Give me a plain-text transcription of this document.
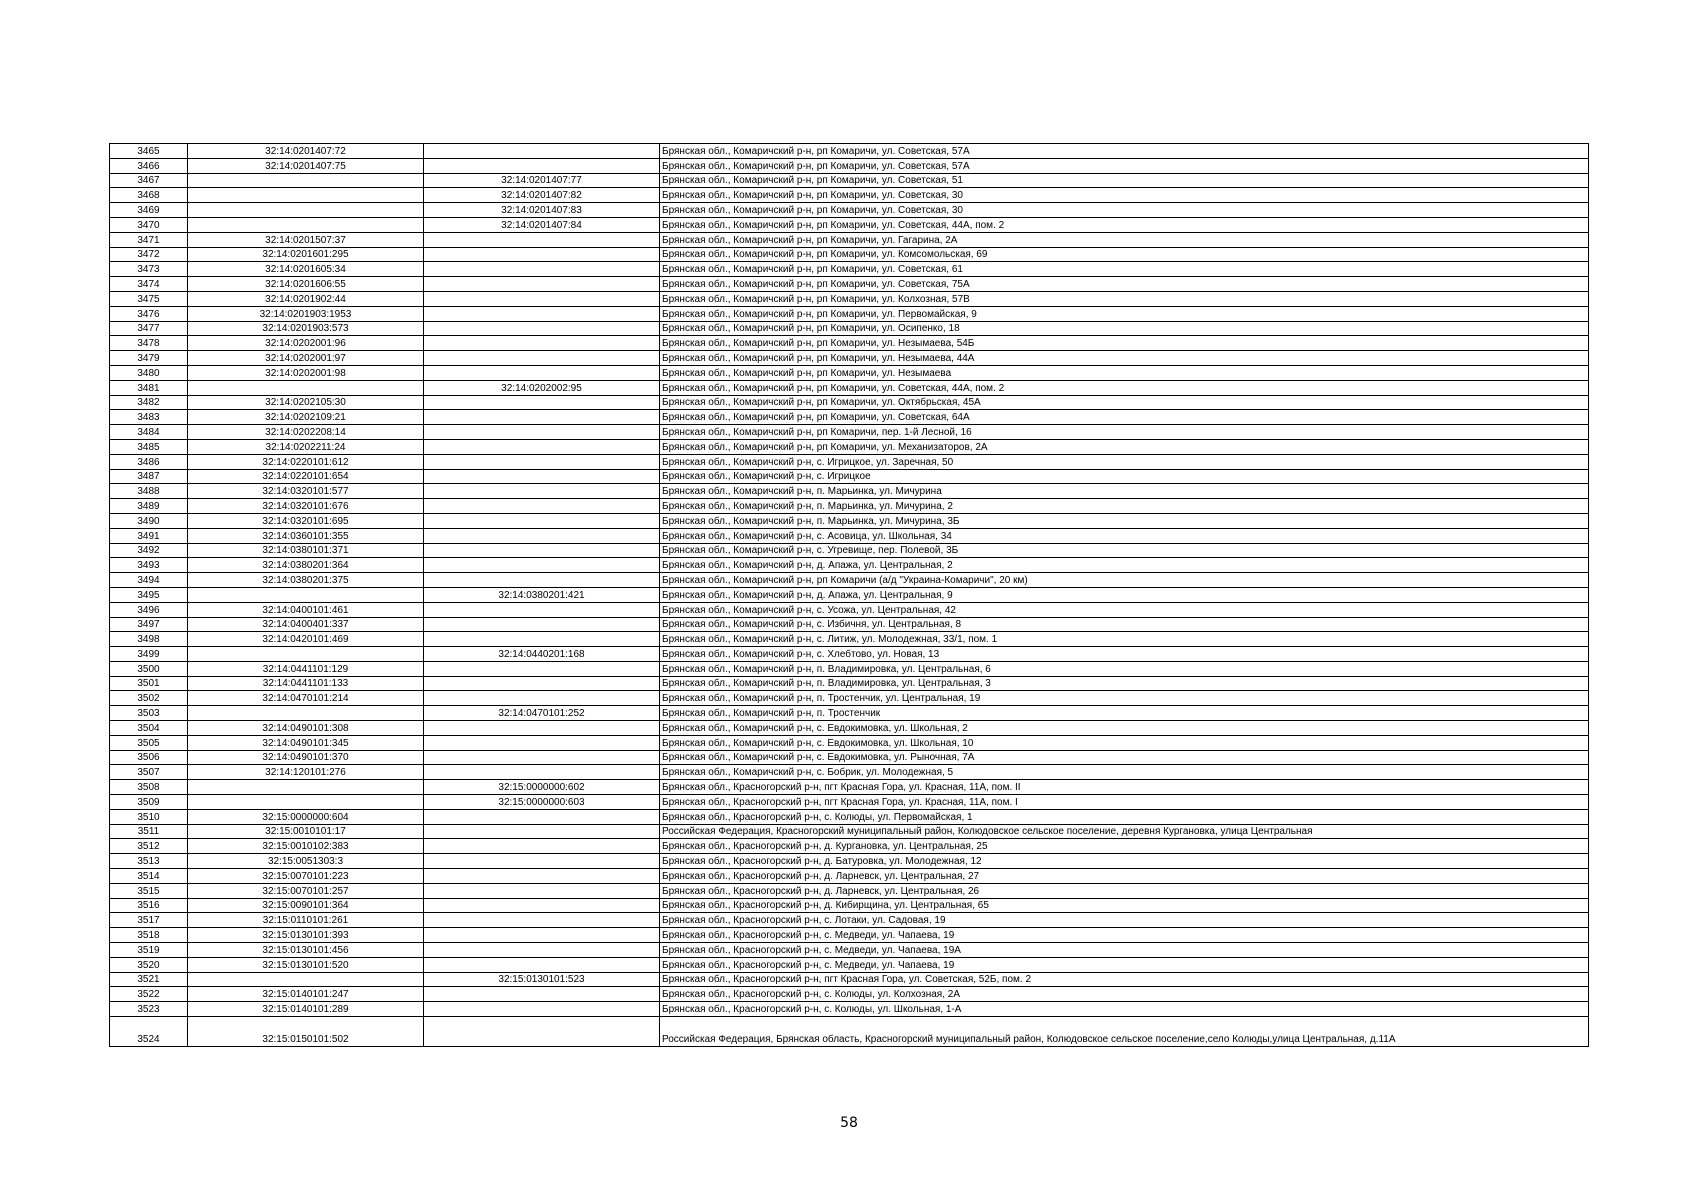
3465	32:14:0201407:72		Брянская обл., Комаричский р-н, рп Комаричи, ул. Советская, 57А
3466	32:14:0201407:75		Брянская обл., Комаричский р-н, рп Комаричи, ул. Советская, 57А
3467		32:14:0201407:77	Брянская обл., Комаричский р-н, рп Комаричи, ул. Советская, 51
3468		32:14:0201407:82	Брянская обл., Комаричский р-н, рп Комаричи, ул. Советская, 30
3469		32:14:0201407:83	Брянская обл., Комаричский р-н, рп Комаричи, ул. Советская, 30
3470		32:14:0201407:84	Брянская обл., Комаричский р-н, рп Комаричи, ул. Советская, 44А, пом. 2
3471	32:14:0201507:37		Брянская обл., Комаричский р-н, рп Комаричи, ул. Гагарина, 2А
3472	32:14:0201601:295		Брянская обл., Комаричский р-н, рп Комаричи, ул. Комсомольская, 69
3473	32:14:0201605:34		Брянская обл., Комаричский р-н, рп Комаричи, ул. Советская, 61
3474	32:14:0201606:55		Брянская обл., Комаричский р-н, рп Комаричи, ул. Советская, 75А
3475	32:14:0201902:44		Брянская обл., Комаричский р-н, рп Комаричи, ул. Колхозная, 57В
3476	32:14:0201903:1953		Брянская обл., Комаричский р-н, рп Комаричи, ул. Первомайская, 9
3477	32:14:0201903:573		Брянская обл., Комаричский р-н, рп Комаричи, ул. Осипенко, 18
3478	32:14:0202001:96		Брянская обл., Комаричский р-н, рп Комаричи, ул. Незымаева, 54Б
3479	32:14:0202001:97		Брянская обл., Комаричский р-н, рп Комаричи, ул. Незымаева, 44А
3480	32:14:0202001:98		Брянская обл., Комаричский р-н, рп Комаричи, ул. Незымаева
3481		32:14:0202002:95	Брянская обл., Комаричский р-н, рп Комаричи, ул. Советская, 44А, пом. 2
3482	32:14:0202105:30		Брянская обл., Комаричский р-н, рп Комаричи, ул. Октябрьская, 45А
3483	32:14:0202109:21		Брянская обл., Комаричский р-н, рп Комаричи, ул. Советская, 64А
3484	32:14:0202208:14		Брянская обл., Комаричский р-н, рп Комаричи, пер. 1-й Лесной, 16
3485	32:14:0202211:24		Брянская обл., Комаричский р-н, рп Комаричи, ул. Механизаторов, 2А
3486	32:14:0220101:612		Брянская обл., Комаричский р-н, с. Игрицкое, ул. Заречная, 50
3487	32:14:0220101:654		Брянская обл., Комаричский р-н, с. Игрицкое
3488	32:14:0320101:577		Брянская обл., Комаричский р-н, п. Марьинка, ул. Мичурина
3489	32:14:0320101:676		Брянская обл., Комаричский р-н, п. Марьинка, ул. Мичурина, 2
3490	32:14:0320101:695		Брянская обл., Комаричский р-н, п. Марьинка, ул. Мичурина, 3Б
3491	32:14:0360101:355		Брянская обл., Комаричский р-н, с. Асовица, ул. Школьная, 34
3492	32:14:0380101:371		Брянская обл., Комаричский р-н, с. Угревище, пер. Полевой, 3Б
3493	32:14:0380201:364		Брянская обл., Комаричский р-н, д. Апажа, ул. Центральная, 2
3494	32:14:0380201:375		Брянская обл., Комаричский р-н, рп Комаричи (а/д "Украина-Комаричи", 20 км)
3495		32:14:0380201:421	Брянская обл., Комаричский р-н, д. Апажа, ул. Центральная, 9
3496	32:14:0400101:461		Брянская обл., Комаричский р-н, с. Усожа, ул. Центральная, 42
3497	32:14:0400401:337		Брянская обл., Комаричский р-н, с. Избичня, ул. Центральная, 8
3498	32:14:0420101:469		Брянская обл., Комаричский р-н, с. Литиж, ул. Молодежная, 33/1, пом. 1
3499		32:14:0440201:168	Брянская обл., Комаричский р-н, с. Хлебтово, ул. Новая, 13
3500	32:14:0441101:129		Брянская обл., Комаричский р-н, п. Владимировка, ул. Центральная, 6
3501	32:14:0441101:133		Брянская обл., Комаричский р-н, п. Владимировка, ул. Центральная, 3
3502	32:14:0470101:214		Брянская обл., Комаричский р-н, п. Тростенчик, ул. Центральная, 19
3503		32:14:0470101:252	Брянская обл., Комаричский р-н, п. Тростенчик
3504	32:14:0490101:308		Брянская обл., Комаричский р-н, с. Евдокимовка, ул. Школьная, 2
3505	32:14:0490101:345		Брянская обл., Комаричский р-н, с. Евдокимовка, ул. Школьная, 10
3506	32:14:0490101:370		Брянская обл., Комаричский р-н, с. Евдокимовка, ул. Рыночная, 7А
3507	32:14:120101:276		Брянская обл., Комаричский р-н, с. Бобрик, ул. Молодежная, 5
3508		32:15:0000000:602	Брянская обл., Красногорский р-н, пгт Красная Гора, ул. Красная, 11А, пом. II
3509		32:15:0000000:603	Брянская обл., Красногорский р-н, пгт Красная Гора, ул. Красная, 11А, пом. I
3510	32:15:0000000:604		Брянская обл., Красногорский р-н, с. Колюды, ул. Первомайская, 1
3511	32:15:0010101:17		Российская Федерация, Красногорский муниципальный район, Колюдовское сельское поселение, деревня Кургановка, улица Центральная
3512	32:15:0010102:383		Брянская обл., Красногорский р-н, д. Кургановка, ул. Центральная, 25
3513	32:15:0051303:3		Брянская обл., Красногорский р-н, д. Батуровка, ул. Молодежная, 12
3514	32:15:0070101:223		Брянская обл., Красногорский р-н, д. Ларневск, ул. Центральная, 27
3515	32:15:0070101:257		Брянская обл., Красногорский р-н, д. Ларневск, ул. Центральная, 26
3516	32:15:0090101:364		Брянская обл., Красногорский р-н, д. Кибирщина, ул. Центральная, 65
3517	32:15:0110101:261		Брянская обл., Красногорский р-н, с. Лотаки, ул. Садовая, 19
3518	32:15:0130101:393		Брянская обл., Красногорский р-н, с. Медведи, ул. Чапаева, 19
3519	32:15:0130101:456		Брянская обл., Красногорский р-н, с. Медведи, ул. Чапаева, 19А
3520	32:15:0130101:520		Брянская обл., Красногорский р-н, с. Медведи, ул. Чапаева, 19
3521		32:15:0130101:523	Брянская обл., Красногорский р-н, пгт Красная Гора, ул. Советская, 52Б, пом. 2
3522	32:15:0140101:247		Брянская обл., Красногорский р-н, с. Колюды, ул. Колхозная, 2А
3523	32:15:0140101:289		Брянская обл., Красногорский р-н, с. Колюды, ул. Школьная, 1-А
3524	32:15:0150101:502		Российская Федерация, Брянская область, Красногорский муниципальный район, Колюдовское сельское поселение,село Колюды,улица Центральная, д.11А
58
